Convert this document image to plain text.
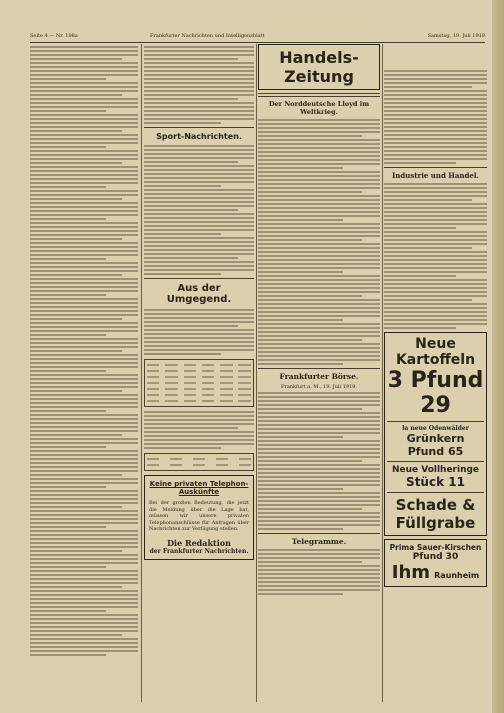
Seite 4 — Nr. 198a	Frankfurter Nachrichten und Intelligenzblatt	Samstag, 19. Juli 1919
Sport-Nachrichten.
Aus der Umgegend.
Keine privaten Telephon-Auskünfte
Bei der großen Bedeutung, die jetzt die Meldung über die Lage hat, müssen wir unsere privaten Telephonanschlüsse für Anfragen über Nachrichten zur Verfügung stellen.
Die Redaktion
der Frankfurter Nachrichten.
Handels-Zeitung
Der Norddeutsche Lloyd im Weltkrieg.
Frankfurter Börse.
Frankfurt a. M., 19. Juli 1919.
Telegramme.
Industrie und Handel.
Neue Kartoffeln
3 Pfund 29
la neue Odenwälder
Grünkern
Pfund 65
Neue Vollheringe
Stück 11
Schade &
Füllgrabe
Prima Sauer-Kirschen
Pfund 30
Ihm Raunheim
